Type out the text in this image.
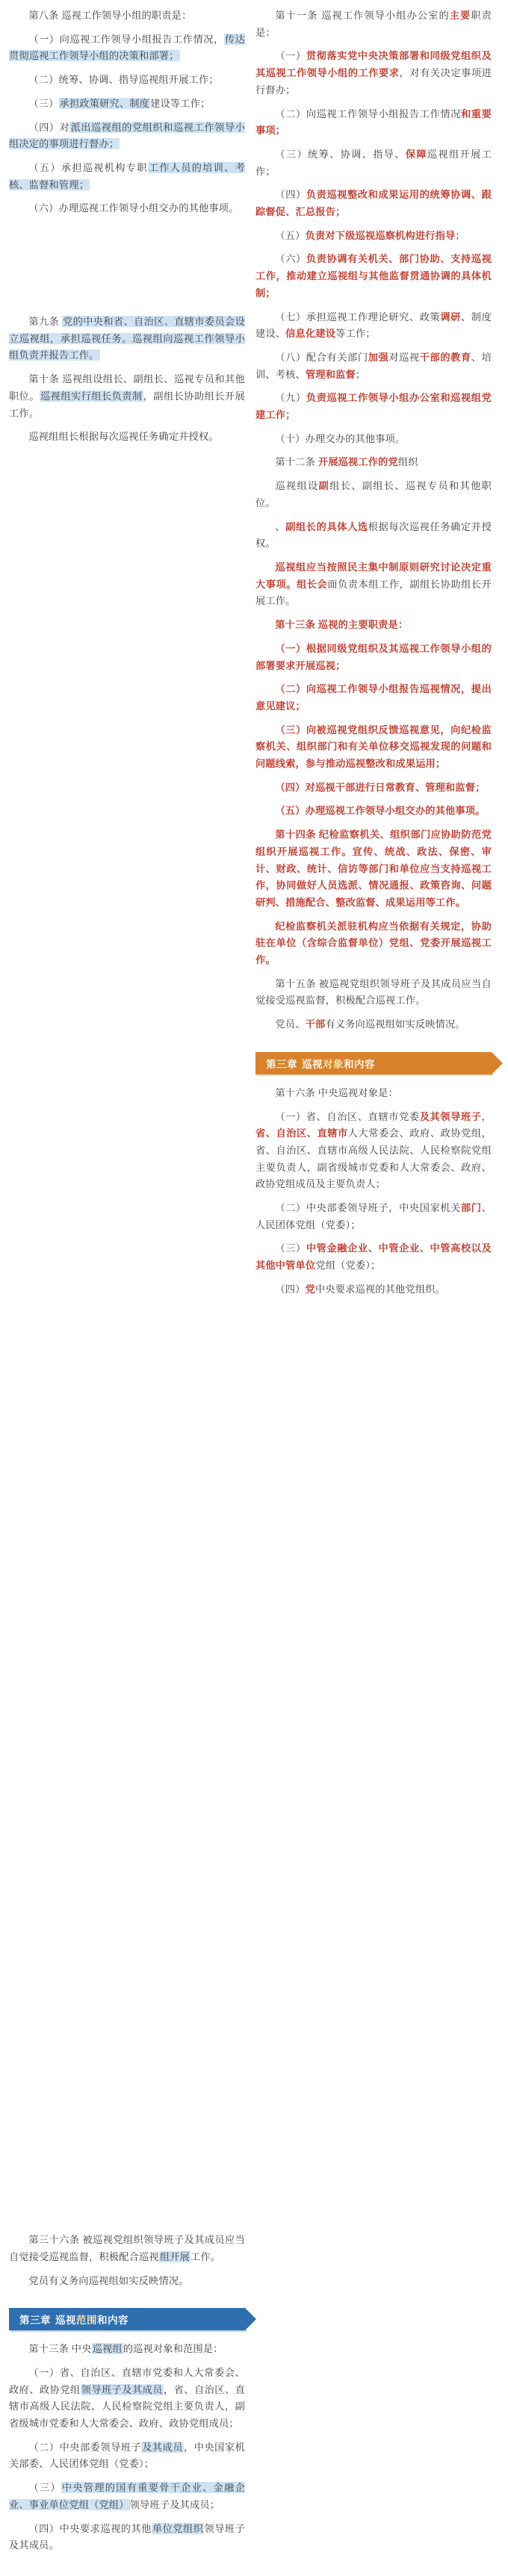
第八条 巡视工作领导小组的职责是：

（一）向巡视工作领导小组报告工作情况，传达贯彻巡视工作领导小组的决策和部署；

（二）统筹、协调、指导巡视组开展工作；

（三）承担政策研究、制度建设等工作；

（四）对派出巡视组的党组织和巡视工作领导小组决定的事项进行督办；

（五）承担巡视机构专职工作人员的培训、考核、监督和管理；

（六）办理巡视工作领导小组交办的其他事项。

第九条 党的中央和省、自治区、直辖市委员会设立巡视组，承担巡视任务。巡视组向巡视工作领导小组负责并报告工作。

第十条 巡视组设组长、副组长、巡视专员和其他职位。巡视组实行组长负责制，副组长协助组长开展工作。

巡视组组长根据每次巡视任务确定并授权。

第三十六条 被巡视党组织领导班子及其成员应当自觉接受巡视监督，积极配合巡视组开展工作。

党员有义务向巡视组如实反映情况。

第三章 巡视 范围 和内容

第十三条 中央巡视组的巡视对象和范围是：

（一）省、自治区、直辖市党委和人大常委会、政府、政协党组领导班子及其成员，省、自治区、直辖市高级人民法院、人民检察院党组主要负责人，副省级城市党委和人大常委会、政府、政协党组成员；

（二）中央部委领导班子及其成员，中央国家机关部委、人民团体党组（党委）；

（三）中央管理的国有重要骨干企业、金融企业、事业单位党组（党组）领导班子及其成员；

（四）中央要求巡视的其他单位党组织领导班子及其成员。

第十一条 巡视工作领导小组办公室的主要职责是：

（一）贯彻落实党中央决策部署和同级党组织及其巡视工作领导小组的工作要求，对有关决定事项进行督办；

（二）向巡视工作领导小组报告工作情况和重要事项；

（三）统筹、协调、指导、保障巡视组开展工作；

（四）负责巡视整改和成果运用的统筹协调、跟踪督促、汇总报告；

（五）负责对下级巡视巡察机构进行指导；

（六）负责协调有关机关、部门协助、支持巡视工作，推动建立巡视组与其他监督贯通协调的具体机制；

（七）承担巡视工作理论研究、政策调研、制度建设、信息化建设等工作；

（八）配合有关部门加强对巡视干部的教育、培训、考核、管理和监督；

（九）负责巡视工作领导小组办公室和巡视组党建工作；

（十）办理交办的其他事项。

第十二条 开展巡视工作的党组织

巡视组设副组长、副组长、巡视专员和其他职位。

、副组长的具体人选根据每次巡视任务确定并授权。

巡视组应当按照民主集中制原则研究讨论决定重大事项。组长会面负责本组工作，副组长协助组长开展工作。

第十三条 巡视的主要职责是：

（一）根据同级党组织及其巡视工作领导小组的部署要求开展巡视；

（二）向巡视工作领导小组报告巡视情况，提出意见建议；

（三）向被巡视党组织反馈巡视意见，向纪检监察机关、组织部门和有关单位移交巡视发现的问题和问题线索，参与推动巡视整改和成果运用；

（四）对巡视干部进行日常教育、管理和监督；

（五）办理巡视工作领导小组交办的其他事项。

第十四条 纪检监察机关、组织部门应协助防范党组织开展巡视工作。宣传、统战、政法、保密、审计、财政、统计、信访等部门和单位应当支持巡视工作，协同做好人员选派、情况通报、政策咨询、问题研判、措施配合、整改监督、成果运用等工作。

纪检监察机关派驻机构应当依据有关规定，协助驻在单位（含综合监督单位）党组、党委开展巡视工作。

第十五条 被巡视党组织领导班子及其成员应当自觉接受巡视监督，积极配合巡视工作。

党员、干部有义务向巡视组如实反映情况。

第三章 巡视 对象 和内容

第十六条 中央巡视对象是：

（一）省、自治区、直辖市党委及其领导班子，省、自治区、直辖市人大常委会、政府、政协党组，省、自治区、直辖市高级人民法院、人民检察院党组主要负责人，副省级城市党委和人大常委会、政府、政协党组成员及主要负责人；

（二）中央部委领导班子，中央国家机关部门、人民团体党组（党委）；

（三）中管金融企业、中管企业、中管高校以及其他中管单位党组（党委）；

（四）党中央要求巡视的其他党组织。
